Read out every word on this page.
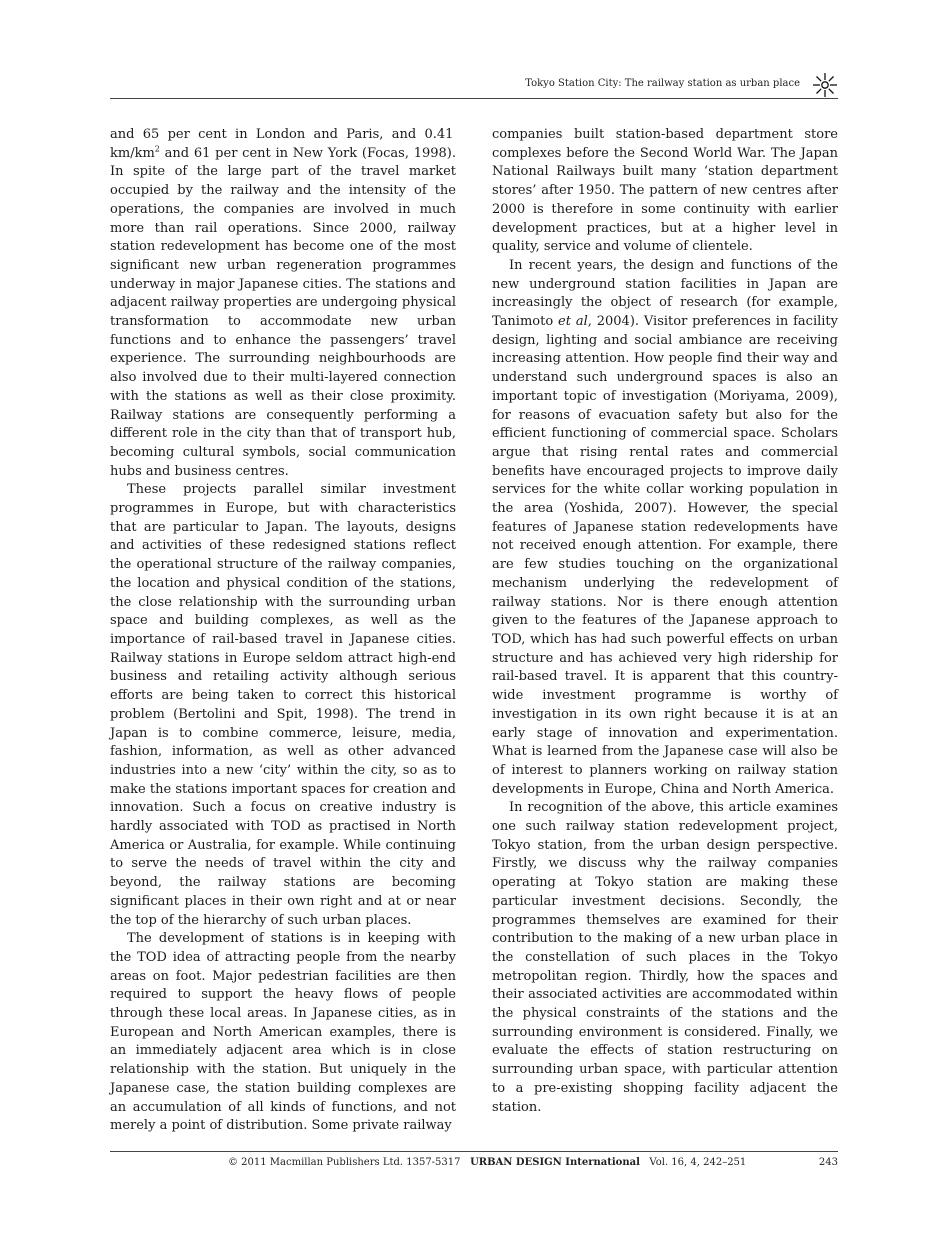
Tokyo Station City: The railway station as urban place

and 65 per cent in London and Paris, and 0.41 $km/km^2$ and 61 per cent in New York (Focas, 1998). In spite of the large part of the travel market occupied by the railway and the intensity of the operations, the companies are involved in much more than rail operations. Since 2000, railway station redevelopment has become one of the most significant new urban regeneration programmes underway in major Japanese cities. The stations and adjacent railway properties are undergoing physical transformation to accommodate new urban functions and to enhance the passengers’ travel experience. The surrounding neighbourhoods are also involved due to their multi-layered connection with the stations as well as their close proximity. Railway stations are consequently performing a different role in the city than that of transport hub, becoming cultural symbols, social communication hubs and business centres.

These projects parallel similar investment programmes in Europe, but with characteristics that are particular to Japan. The layouts, designs and activities of these redesigned stations reflect the operational structure of the railway companies, the location and physical condition of the stations, the close relationship with the surrounding urban space and building complexes, as well as the importance of rail-based travel in Japanese cities. Railway stations in Europe seldom attract high-end business and retailing activity although serious efforts are being taken to correct this historical problem (Bertolini and Spit, 1998). The trend in Japan is to combine commerce, leisure, media, fashion, information, as well as other advanced industries into a new ‘city’ within the city, so as to make the stations important spaces for creation and innovation. Such a focus on creative industry is hardly associated with TOD as practised in North America or Australia, for example. While continuing to serve the needs of travel within the city and beyond, the railway stations are becoming significant places in their own right and at or near the top of the hierarchy of such urban places.

The development of stations is in keeping with the TOD idea of attracting people from the nearby areas on foot. Major pedestrian facilities are then required to support the heavy flows of people through these local areas. In Japanese cities, as in European and North American examples, there is an immediately adjacent area which is in close relationship with the station. But uniquely in the Japanese case, the station building complexes are an accumulation of all kinds of functions, and not merely a point of distribution. Some private railway

companies built station-based department store complexes before the Second World War. The Japan National Railways built many ‘station department stores’ after 1950. The pattern of new centres after 2000 is therefore in some continuity with earlier development practices, but at a higher level in quality, service and volume of clientele.

In recent years, the design and functions of the new underground station facilities in Japan are increasingly the object of research (for example, Tanimoto et al, 2004). Visitor preferences in facility design, lighting and social ambiance are receiving increasing attention. How people find their way and understand such underground spaces is also an important topic of investigation (Moriyama, 2009), for reasons of evacuation safety but also for the efficient functioning of commercial space. Scholars argue that rising rental rates and commercial benefits have encouraged projects to improve daily services for the white collar working population in the area (Yoshida, 2007). However, the special features of Japanese station redevelopments have not received enough attention. For example, there are few studies touching on the organizational mechanism underlying the redevelopment of railway stations. Nor is there enough attention given to the features of the Japanese approach to TOD, which has had such powerful effects on urban structure and has achieved very high ridership for rail-based travel. It is apparent that this country-wide investment programme is worthy of investigation in its own right because it is at an early stage of innovation and experimentation. What is learned from the Japanese case will also be of interest to planners working on railway station developments in Europe, China and North America.

In recognition of the above, this article examines one such railway station redevelopment project, Tokyo station, from the urban design perspective. Firstly, we discuss why the railway companies operating at Tokyo station are making these particular investment decisions. Secondly, the programmes themselves are examined for their contribution to the making of a new urban place in the constellation of such places in the Tokyo metropolitan region. Thirdly, how the spaces and their associated activities are accommodated within the physical constraints of the stations and the surrounding environment is considered. Finally, we evaluate the effects of station restructuring on surrounding urban space, with particular attention to a pre-existing shopping facility adjacent the station.

© 2011 Macmillan Publishers Ltd. 1357-5317 URBAN DESIGN International Vol. 16, 4, 242–251	243
